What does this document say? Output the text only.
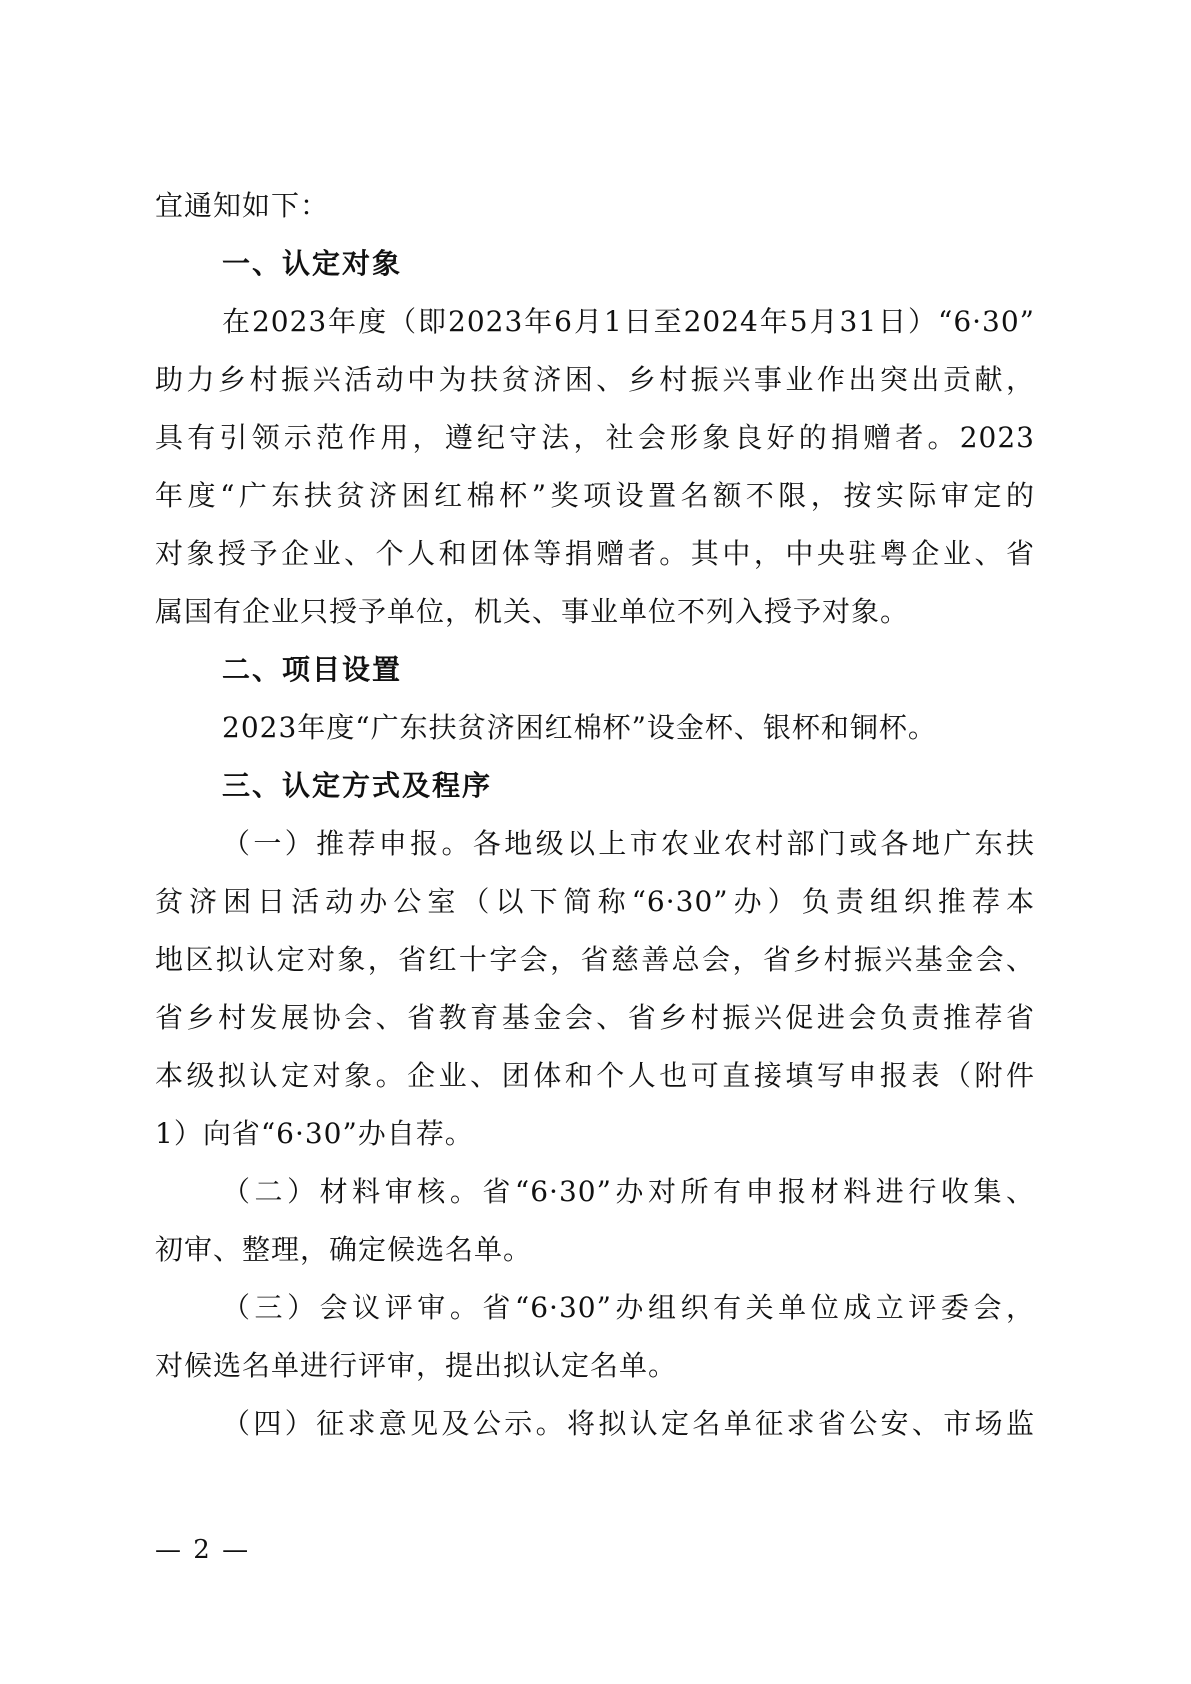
宜通知如下：
一、认定对象
在2023年度（即2023年6月1日至2024年5月31日）“6·30”
助力乡村振兴活动中为扶贫济困、乡村振兴事业作出突出贡献，
具有引领示范作用，遵纪守法，社会形象良好的捐赠者。2023
年度“广东扶贫济困红棉杯”奖项设置名额不限，按实际审定的
对象授予企业、个人和团体等捐赠者。其中，中央驻粤企业、省
属国有企业只授予单位，机关、事业单位不列入授予对象。
二、项目设置
2023年度“广东扶贫济困红棉杯”设金杯、银杯和铜杯。
三、认定方式及程序
（一）推荐申报。各地级以上市农业农村部门或各地广东扶
贫济困日活动办公室（以下简称“6·30”办）负责组织推荐本
地区拟认定对象，省红十字会，省慈善总会，省乡村振兴基金会、
省乡村发展协会、省教育基金会、省乡村振兴促进会负责推荐省
本级拟认定对象。企业、团体和个人也可直接填写申报表（附件
1）向省“6·30”办自荐。
（二）材料审核。省“6·30”办对所有申报材料进行收集、
初审、整理，确定候选名单。
（三）会议评审。省“6·30”办组织有关单位成立评委会，
对候选名单进行评审，提出拟认定名单。
（四）征求意见及公示。将拟认定名单征求省公安、市场监
— 2 —
